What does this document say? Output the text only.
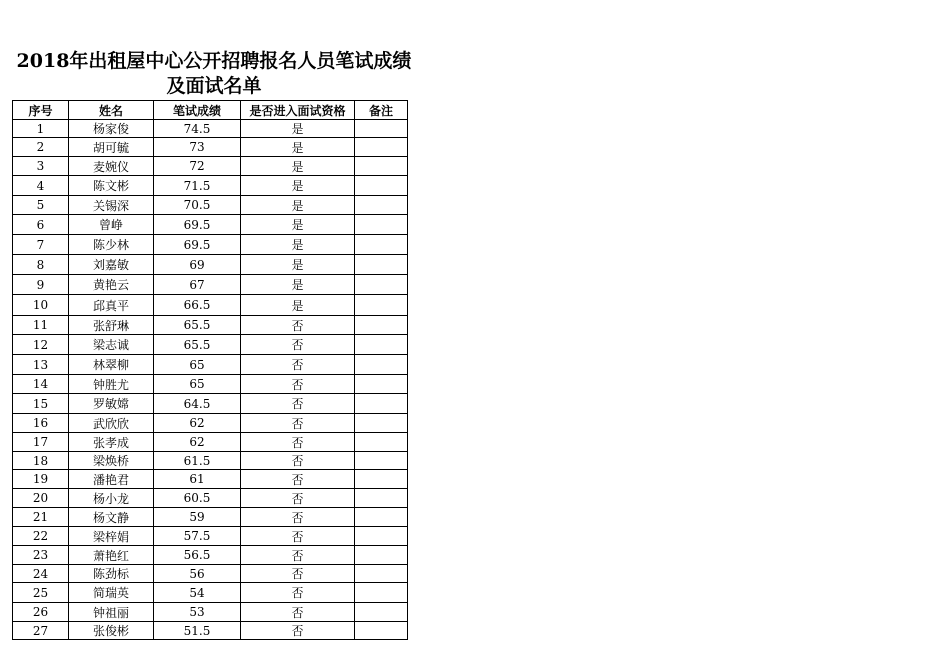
2018年出租屋中心公开招聘报名人员笔试成绩及面试名单
序号	姓名	笔试成绩	是否进入面试资格	备注
1	杨家俊	74.5	是	
2	胡可毓	73	是	
3	麦婉仪	72	是	
4	陈文彬	71.5	是	
5	关锡深	70.5	是	
6	曾峥	69.5	是	
7	陈少林	69.5	是	
8	刘嘉敏	69	是	
9	黄艳云	67	是	
10	邱真平	66.5	是	
11	张舒琳	65.5	否	
12	梁志诚	65.5	否	
13	林翠柳	65	否	
14	钟胜尤	65	否	
15	罗敏嫦	64.5	否	
16	武欣欣	62	否	
17	张孝成	62	否	
18	梁焕桥	61.5	否	
19	潘艳君	61	否	
20	杨小龙	60.5	否	
21	杨文静	59	否	
22	梁梓娟	57.5	否	
23	萧艳红	56.5	否	
24	陈劲标	56	否	
25	简瑞英	54	否	
26	钟祖丽	53	否	
27	张俊彬	51.5	否	
